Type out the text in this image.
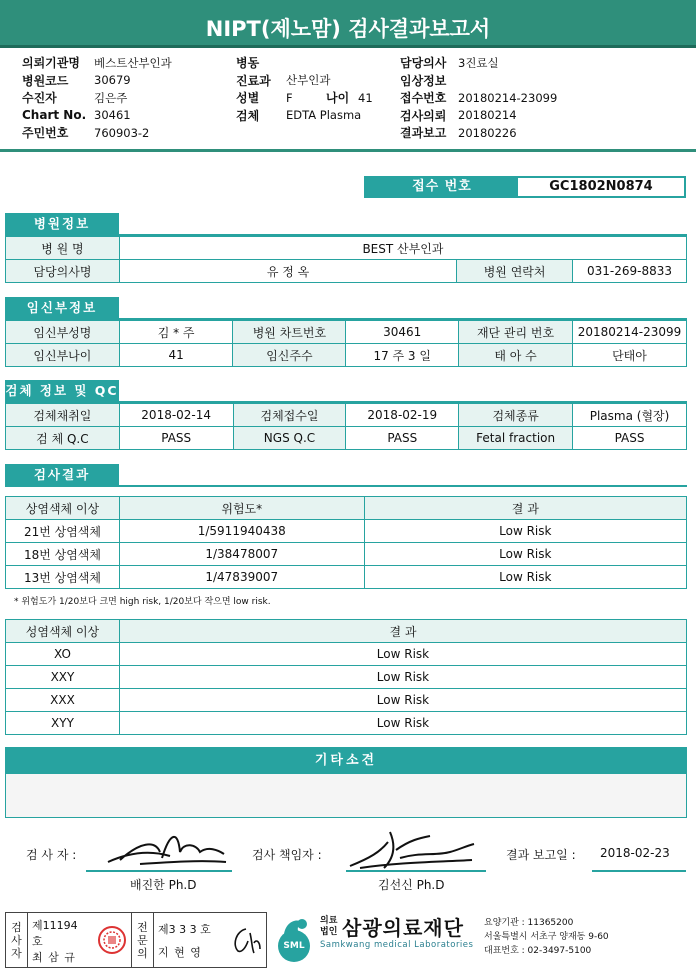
NIPT(제노맘) 검사결과보고서
의뢰기관명	베스트산부인과
병원코드	30679
수진자	김은주
Chart No. 30461
주민번호	760903-2
병동
진료과	산부인과
성별	F	나이 41
검체	EDTA Plasma
담당의사	3진료실
임상정보
접수번호	20180214-23099
검사의뢰	20180214
결과보고	20180226
접수 번호	GC1802N0874
병원정보
병 원 명	BEST 산부인과		
담당의사명	유 정 옥	병원 연락처	031-269-8833
임신부정보
임신부성명	김 * 주	병원 차트번호	30461	재단 관리 번호	20180214-23099
임신부나이	41	임신주수	17 주 3 일	태 아 수	단태아
검체 정보 및 QC
검체채취일	2018-02-14	검체접수일	2018-02-19	검체종류	Plasma (혈장)
검 체 Q.C	PASS	NGS Q.C	PASS	Fetal fraction	PASS
검사결과
상염색체 이상	위험도*	결 과
21번 상염색체	1/5911940438	Low Risk
18번 상염색체	1/38478007	Low Risk
13번 상염색체	1/47839007	Low Risk
* 위험도가 1/20보다 크면 high risk, 1/20보다 작으면 low risk.
성염색체 이상	결 과
XO	Low Risk
XXY	Low Risk
XXX	Low Risk
XYY	Low Risk
기타소견
검 사 자 :
배진한 Ph.D
검사 책임자 :
김선신 Ph.D
결과 보고일 : 2018-02-23
검
사
자
제11194호
최 삼 규
전
문
의
제3 3 3 호
지 현 영	SML
의료
법인 삼광의료재단
Samkwang medical Laboratories
요양기관 : 11365200
서울특별시 서초구 양재동 9-60
대표번호 : 02-3497-5100
